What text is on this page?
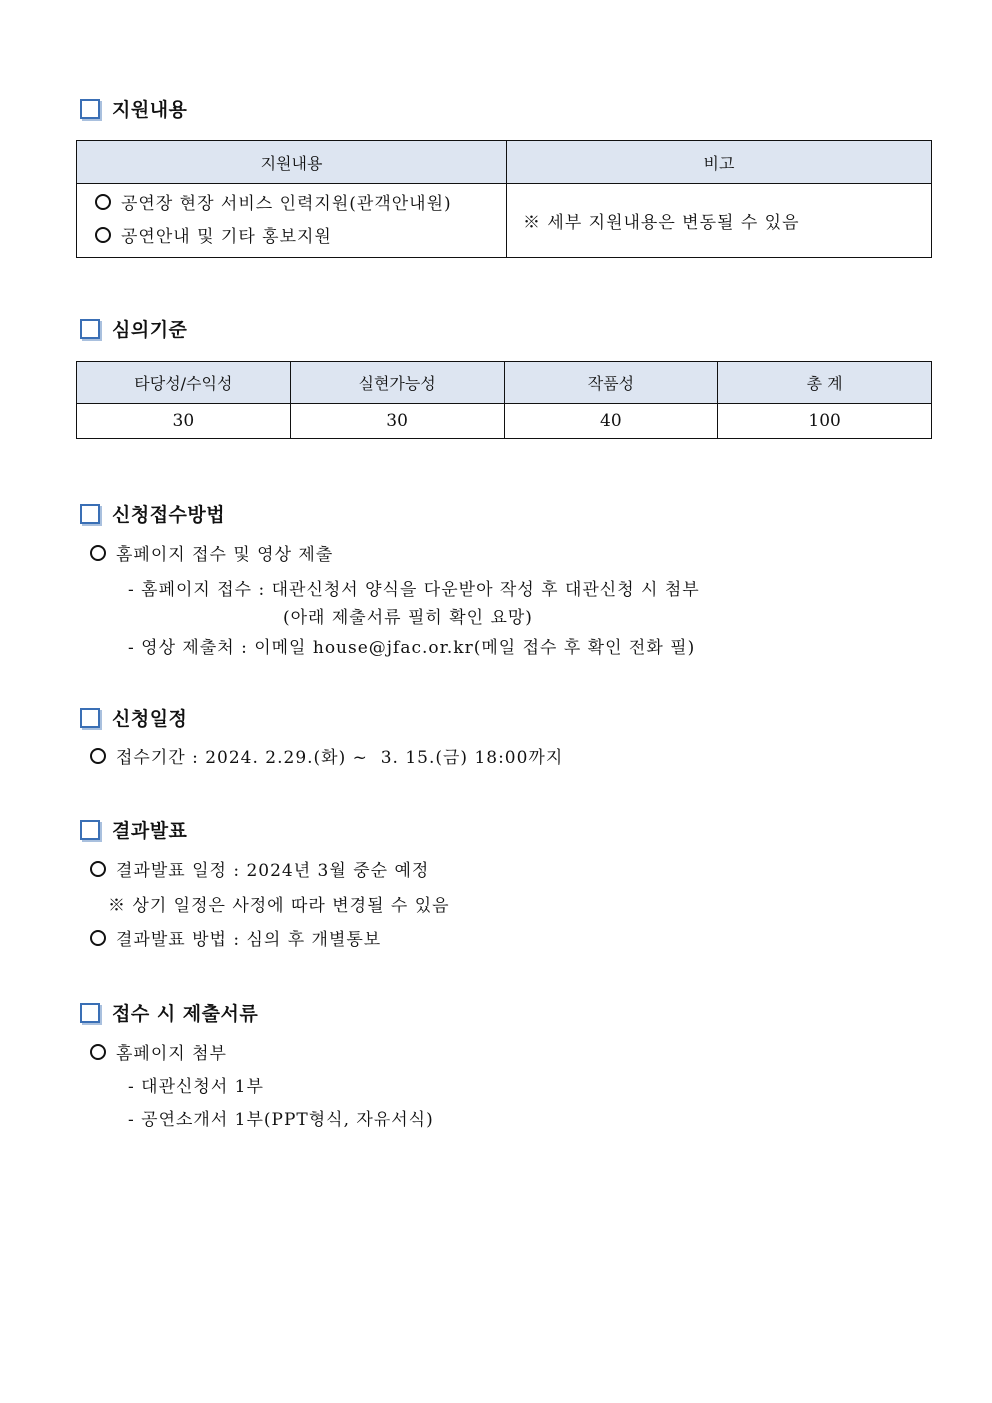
지원내용
지원내용	비고

공연장 현장 서비스 인력지원(관객안내원)
공연안내 및 기타 홍보지원	※ 세부 지원내용은 변동될 수 있음
심의기준
타당성/수익성	실현가능성	작품성	총 계
30	30	40	100
신청접수방법
홈페이지 접수 및 영상 제출
- 홈페이지 접수 : 대관신청서 양식을 다운받아 작성 후 대관신청 시 첨부
(아래 제출서류 필히 확인 요망)
- 영상 제출처 : 이메일 house@jfac.or.kr(메일 접수 후 확인 전화 필)
신청일정
접수기간 : 2024. 2.29.(화) ~  3. 15.(금) 18:00까지
결과발표
결과발표 일정 : 2024년 3월 중순 예정
※ 상기 일정은 사정에 따라 변경될 수 있음
결과발표 방법 : 심의 후 개별통보
접수 시 제출서류
홈페이지 첨부
- 대관신청서 1부
- 공연소개서 1부(PPT형식, 자유서식)
